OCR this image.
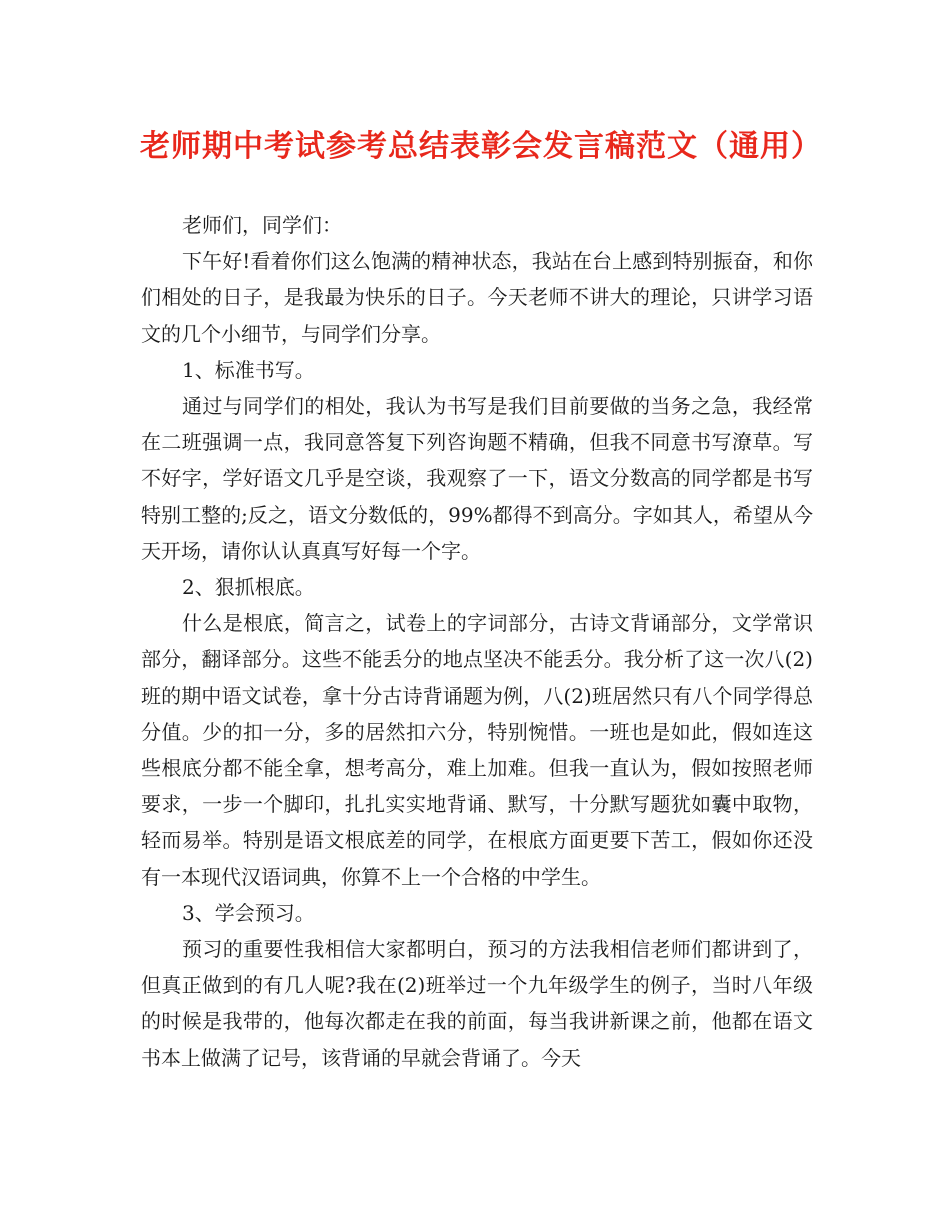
老师期中考试参考总结表彰会发言稿范文（通用）

老师们，同学们：

下午好!看着你们这么饱满的精神状态，我站在台上感到特别振奋，和你们相处的日子，是我最为快乐的日子。今天老师不讲大的理论，只讲学习语文的几个小细节，与同学们分享。

1、标准书写。

通过与同学们的相处，我认为书写是我们目前要做的当务之急，我经常在二班强调一点，我同意答复下列咨询题不精确，但我不同意书写潦草。写不好字，学好语文几乎是空谈，我观察了一下，语文分数高的同学都是书写特别工整的;反之，语文分数低的，99%都得不到高分。字如其人，希望从今天开场，请你认认真真写好每一个字。

2、狠抓根底。

什么是根底，简言之，试卷上的字词部分，古诗文背诵部分，文学常识部分，翻译部分。这些不能丢分的地点坚决不能丢分。我分析了这一次八(2)班的期中语文试卷，拿十分古诗背诵题为例，八(2)班居然只有八个同学得总分值。少的扣一分，多的居然扣六分，特别惋惜。一班也是如此，假如连这些根底分都不能全拿，想考高分，难上加难。但我一直认为，假如按照老师要求，一步一个脚印，扎扎实实地背诵、默写，十分默写题犹如囊中取物，轻而易举。特别是语文根底差的同学，在根底方面更要下苦工，假如你还没有一本现代汉语词典，你算不上一个合格的中学生。

3、学会预习。

预习的重要性我相信大家都明白，预习的方法我相信老师们都讲到了，但真正做到的有几人呢?我在(2)班举过一个九年级学生的例子，当时八年级的时候是我带的，他每次都走在我的前面，每当我讲新课之前，他都在语文书本上做满了记号，该背诵的早就会背诵了。今天
